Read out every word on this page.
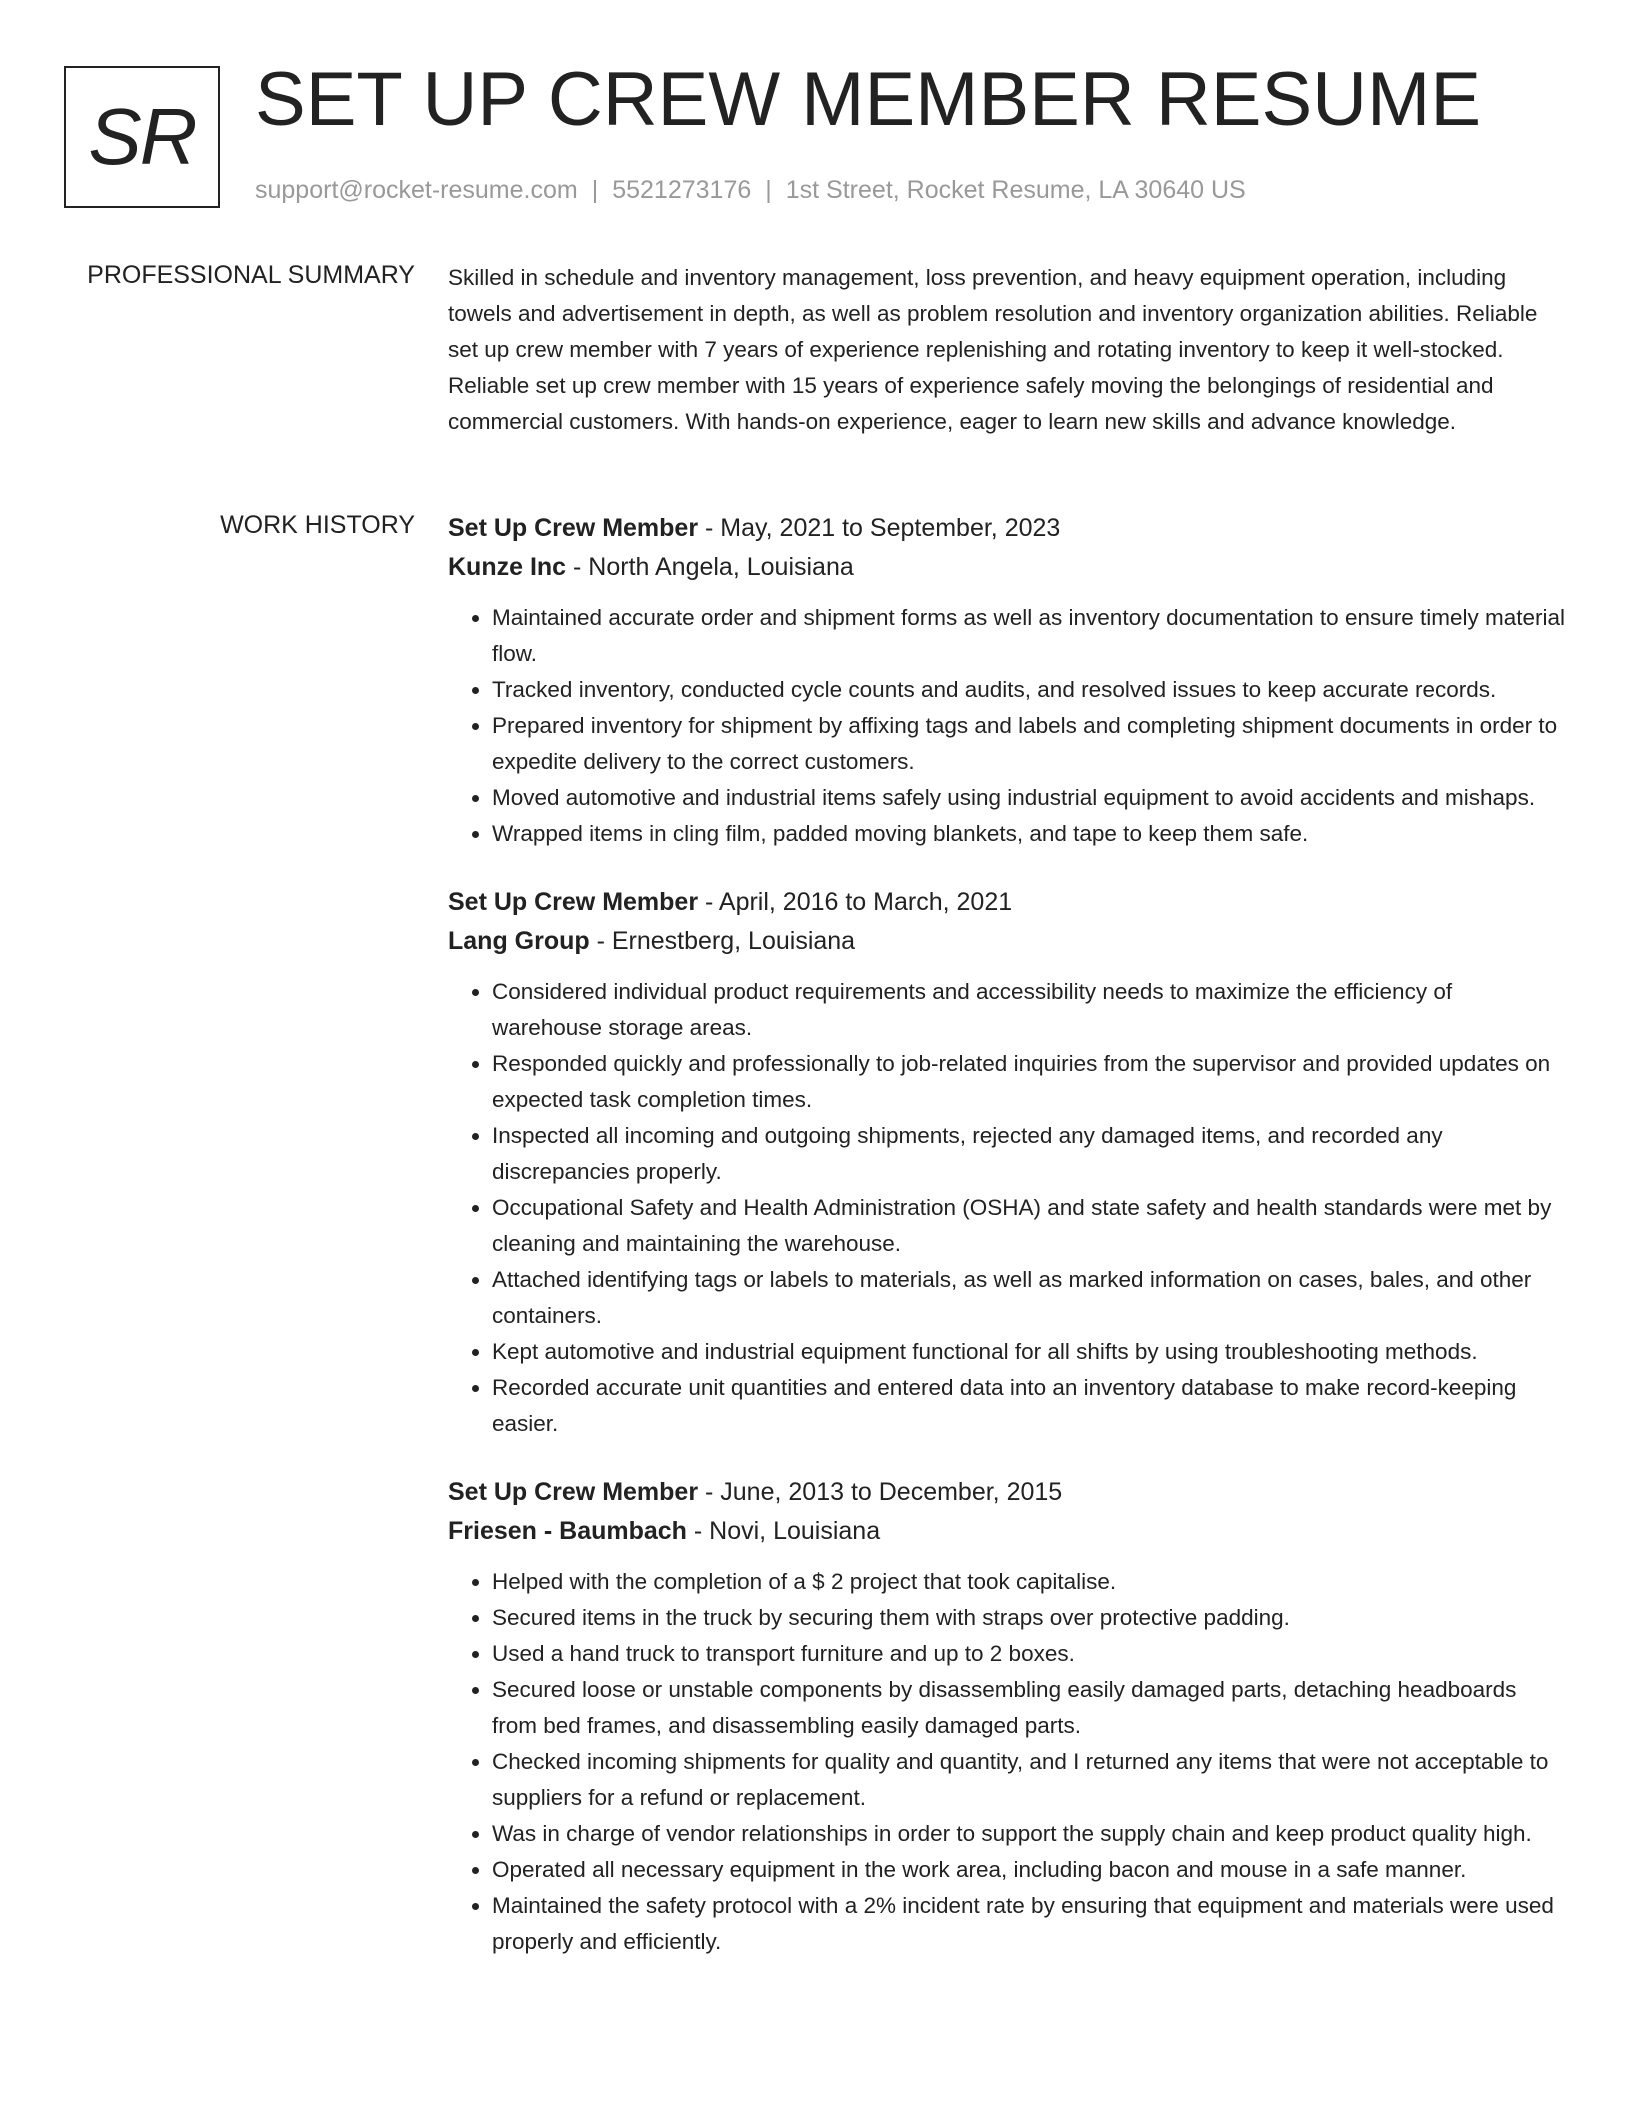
SR SET UP CREW MEMBER RESUME
support@rocket-resume.com | 5521273176 | 1st Street, Rocket Resume, LA 30640 US
PROFESSIONAL SUMMARY Skilled in schedule and inventory management, loss prevention, and heavy equipment operation, including towels and advertisement in depth, as well as problem resolution and inventory organization abilities. Reliable set up crew member with 7 years of experience replenishing and rotating inventory to keep it well-stocked. Reliable set up crew member with 15 years of experience safely moving the belongings of residential and commercial customers. With hands-on experience, eager to learn new skills and advance knowledge.

WORK HISTORY Set Up Crew Member - May, 2021 to September, 2023
Kunze Inc - North Angela, Louisiana
• Maintained accurate order and shipment forms as well as inventory documentation to ensure timely material flow.
• Tracked inventory, conducted cycle counts and audits, and resolved issues to keep accurate records.
• Prepared inventory for shipment by affixing tags and labels and completing shipment documents in order to expedite delivery to the correct customers.
• Moved automotive and industrial items safely using industrial equipment to avoid accidents and mishaps.
• Wrapped items in cling film, padded moving blankets, and tape to keep them safe.
Set Up Crew Member - April, 2016 to March, 2021
Lang Group - Ernestberg, Louisiana
• Considered individual product requirements and accessibility needs to maximize the efficiency of warehouse storage areas.
• Responded quickly and professionally to job-related inquiries from the supervisor and provided updates on expected task completion times.
• Inspected all incoming and outgoing shipments, rejected any damaged items, and recorded any discrepancies properly.
• Occupational Safety and Health Administration (OSHA) and state safety and health standards were met by cleaning and maintaining the warehouse.
• Attached identifying tags or labels to materials, as well as marked information on cases, bales, and other containers.
• Kept automotive and industrial equipment functional for all shifts by using troubleshooting methods.
• Recorded accurate unit quantities and entered data into an inventory database to make record-keeping easier.
Set Up Crew Member - June, 2013 to December, 2015
Friesen - Baumbach - Novi, Louisiana
• Helped with the completion of a $ 2 project that took capitalise.
• Secured items in the truck by securing them with straps over protective padding.
• Used a hand truck to transport furniture and up to 2 boxes.
• Secured loose or unstable components by disassembling easily damaged parts, detaching headboards from bed frames, and disassembling easily damaged parts.
• Checked incoming shipments for quality and quantity, and I returned any items that were not acceptable to suppliers for a refund or replacement.
• Was in charge of vendor relationships in order to support the supply chain and keep product quality high.
• Operated all necessary equipment in the work area, including bacon and mouse in a safe manner.
• Maintained the safety protocol with a 2% incident rate by ensuring that equipment and materials were used properly and efficiently.
